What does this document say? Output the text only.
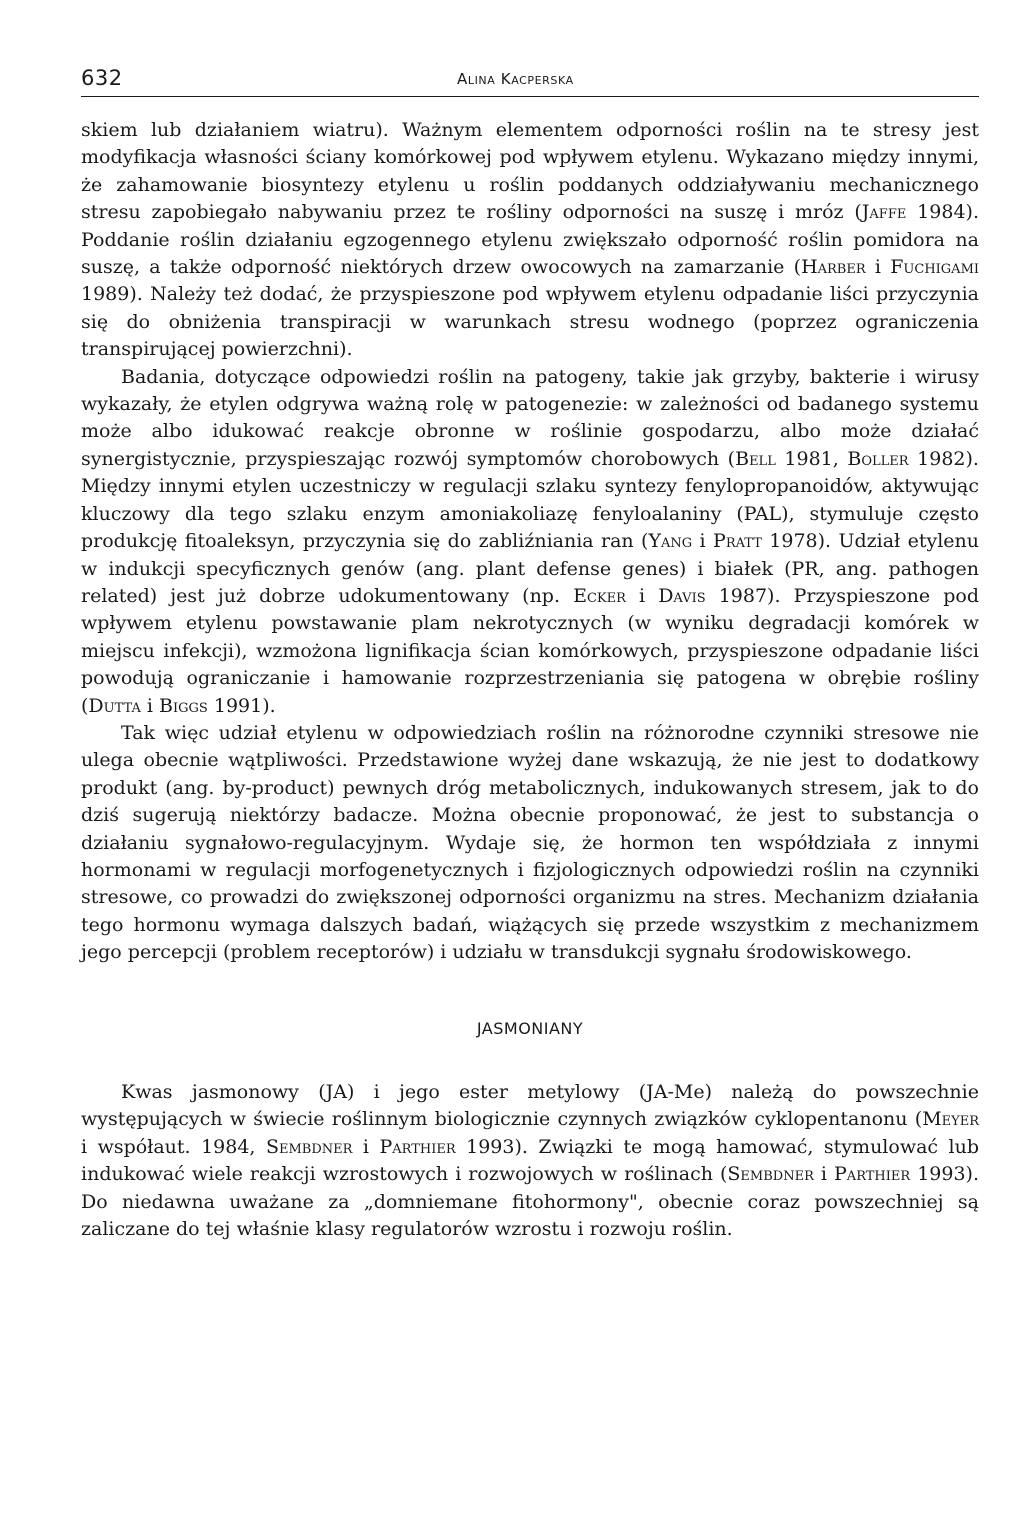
632	Alina Kacperska

skiem lub działaniem wiatru). Ważnym elementem odporności roślin na te stresy jest modyfikacja własności ściany komórkowej pod wpływem etylenu. Wykazano między innymi, że zahamowanie biosyntezy etylenu u roślin poddanych oddziaływaniu mechanicznego stresu zapobiegało nabywaniu przez te rośliny odporności na suszę i mróz (Jaffe 1984). Poddanie roślin działaniu egzogennego etylenu zwiększało odporność roślin pomidora na suszę, a także odporność niektórych drzew owocowych na zamarzanie (Harber i Fuchigami 1989). Należy też dodać, że przyspieszone pod wpływem etylenu odpadanie liści przyczynia się do obniżenia transpiracji w warunkach stresu wodnego (poprzez ograniczenia transpirującej powierzchni).

Badania, dotyczące odpowiedzi roślin na patogeny, takie jak grzyby, bakterie i wirusy wykazały, że etylen odgrywa ważną rolę w patogenezie: w zależności od badanego systemu może albo idukować reakcje obronne w roślinie gospodarzu, albo może działać synergistycznie, przyspieszając rozwój symptomów chorobowych (Bell 1981, Boller 1982). Między innymi etylen uczestniczy w regulacji szlaku syntezy fenylopropanoidów, aktywując kluczowy dla tego szlaku enzym amoniakoliazę fenyloalaniny (PAL), stymuluje często produkcję fitoaleksyn, przyczynia się do zabliźniania ran (Yang i Pratt 1978). Udział etylenu w indukcji specyficznych genów (ang. plant defense genes) i białek (PR, ang. pathogen related) jest już dobrze udokumentowany (np. Ecker i Davis 1987). Przyspieszone pod wpływem etylenu powstawanie plam nekrotycznych (w wyniku degradacji komórek w miejscu infekcji), wzmożona lignifikacja ścian komórkowych, przyspieszone odpadanie liści powodują ograniczanie i hamowanie rozprzestrzeniania się patogena w obrębie rośliny (Dutta i Biggs 1991).

Tak więc udział etylenu w odpowiedziach roślin na różnorodne czynniki stresowe nie ulega obecnie wątpliwości. Przedstawione wyżej dane wskazują, że nie jest to dodatkowy produkt (ang. by-product) pewnych dróg metabolicznych, indukowanych stresem, jak to do dziś sugerują niektórzy badacze. Można obecnie proponować, że jest to substancja o działaniu sygnałowo-regulacyjnym. Wydaje się, że hormon ten współdziała z innymi hormonami w regulacji morfogenetycznych i fizjologicznych odpowiedzi roślin na czynniki stresowe, co prowadzi do zwiększonej odporności organizmu na stres. Mechanizm działania tego hormonu wymaga dalszych badań, wiążących się przede wszystkim z mechanizmem jego percepcji (problem receptorów) i udziału w transdukcji sygnału środowiskowego.

JASMONIANY

Kwas jasmonowy (JA) i jego ester metylowy (JA-Me) należą do powszechnie występujących w świecie roślinnym biologicznie czynnych związków cyklopentanonu (Meyer i współaut. 1984, Sembdner i Parthier 1993). Związki te mogą hamować, stymulować lub indukować wiele reakcji wzrostowych i rozwojowych w roślinach (Sembdner i Parthier 1993). Do niedawna uważane za „domniemane fitohormony", obecnie coraz powszechniej są zaliczane do tej właśnie klasy regulatorów wzrostu i rozwoju roślin.
